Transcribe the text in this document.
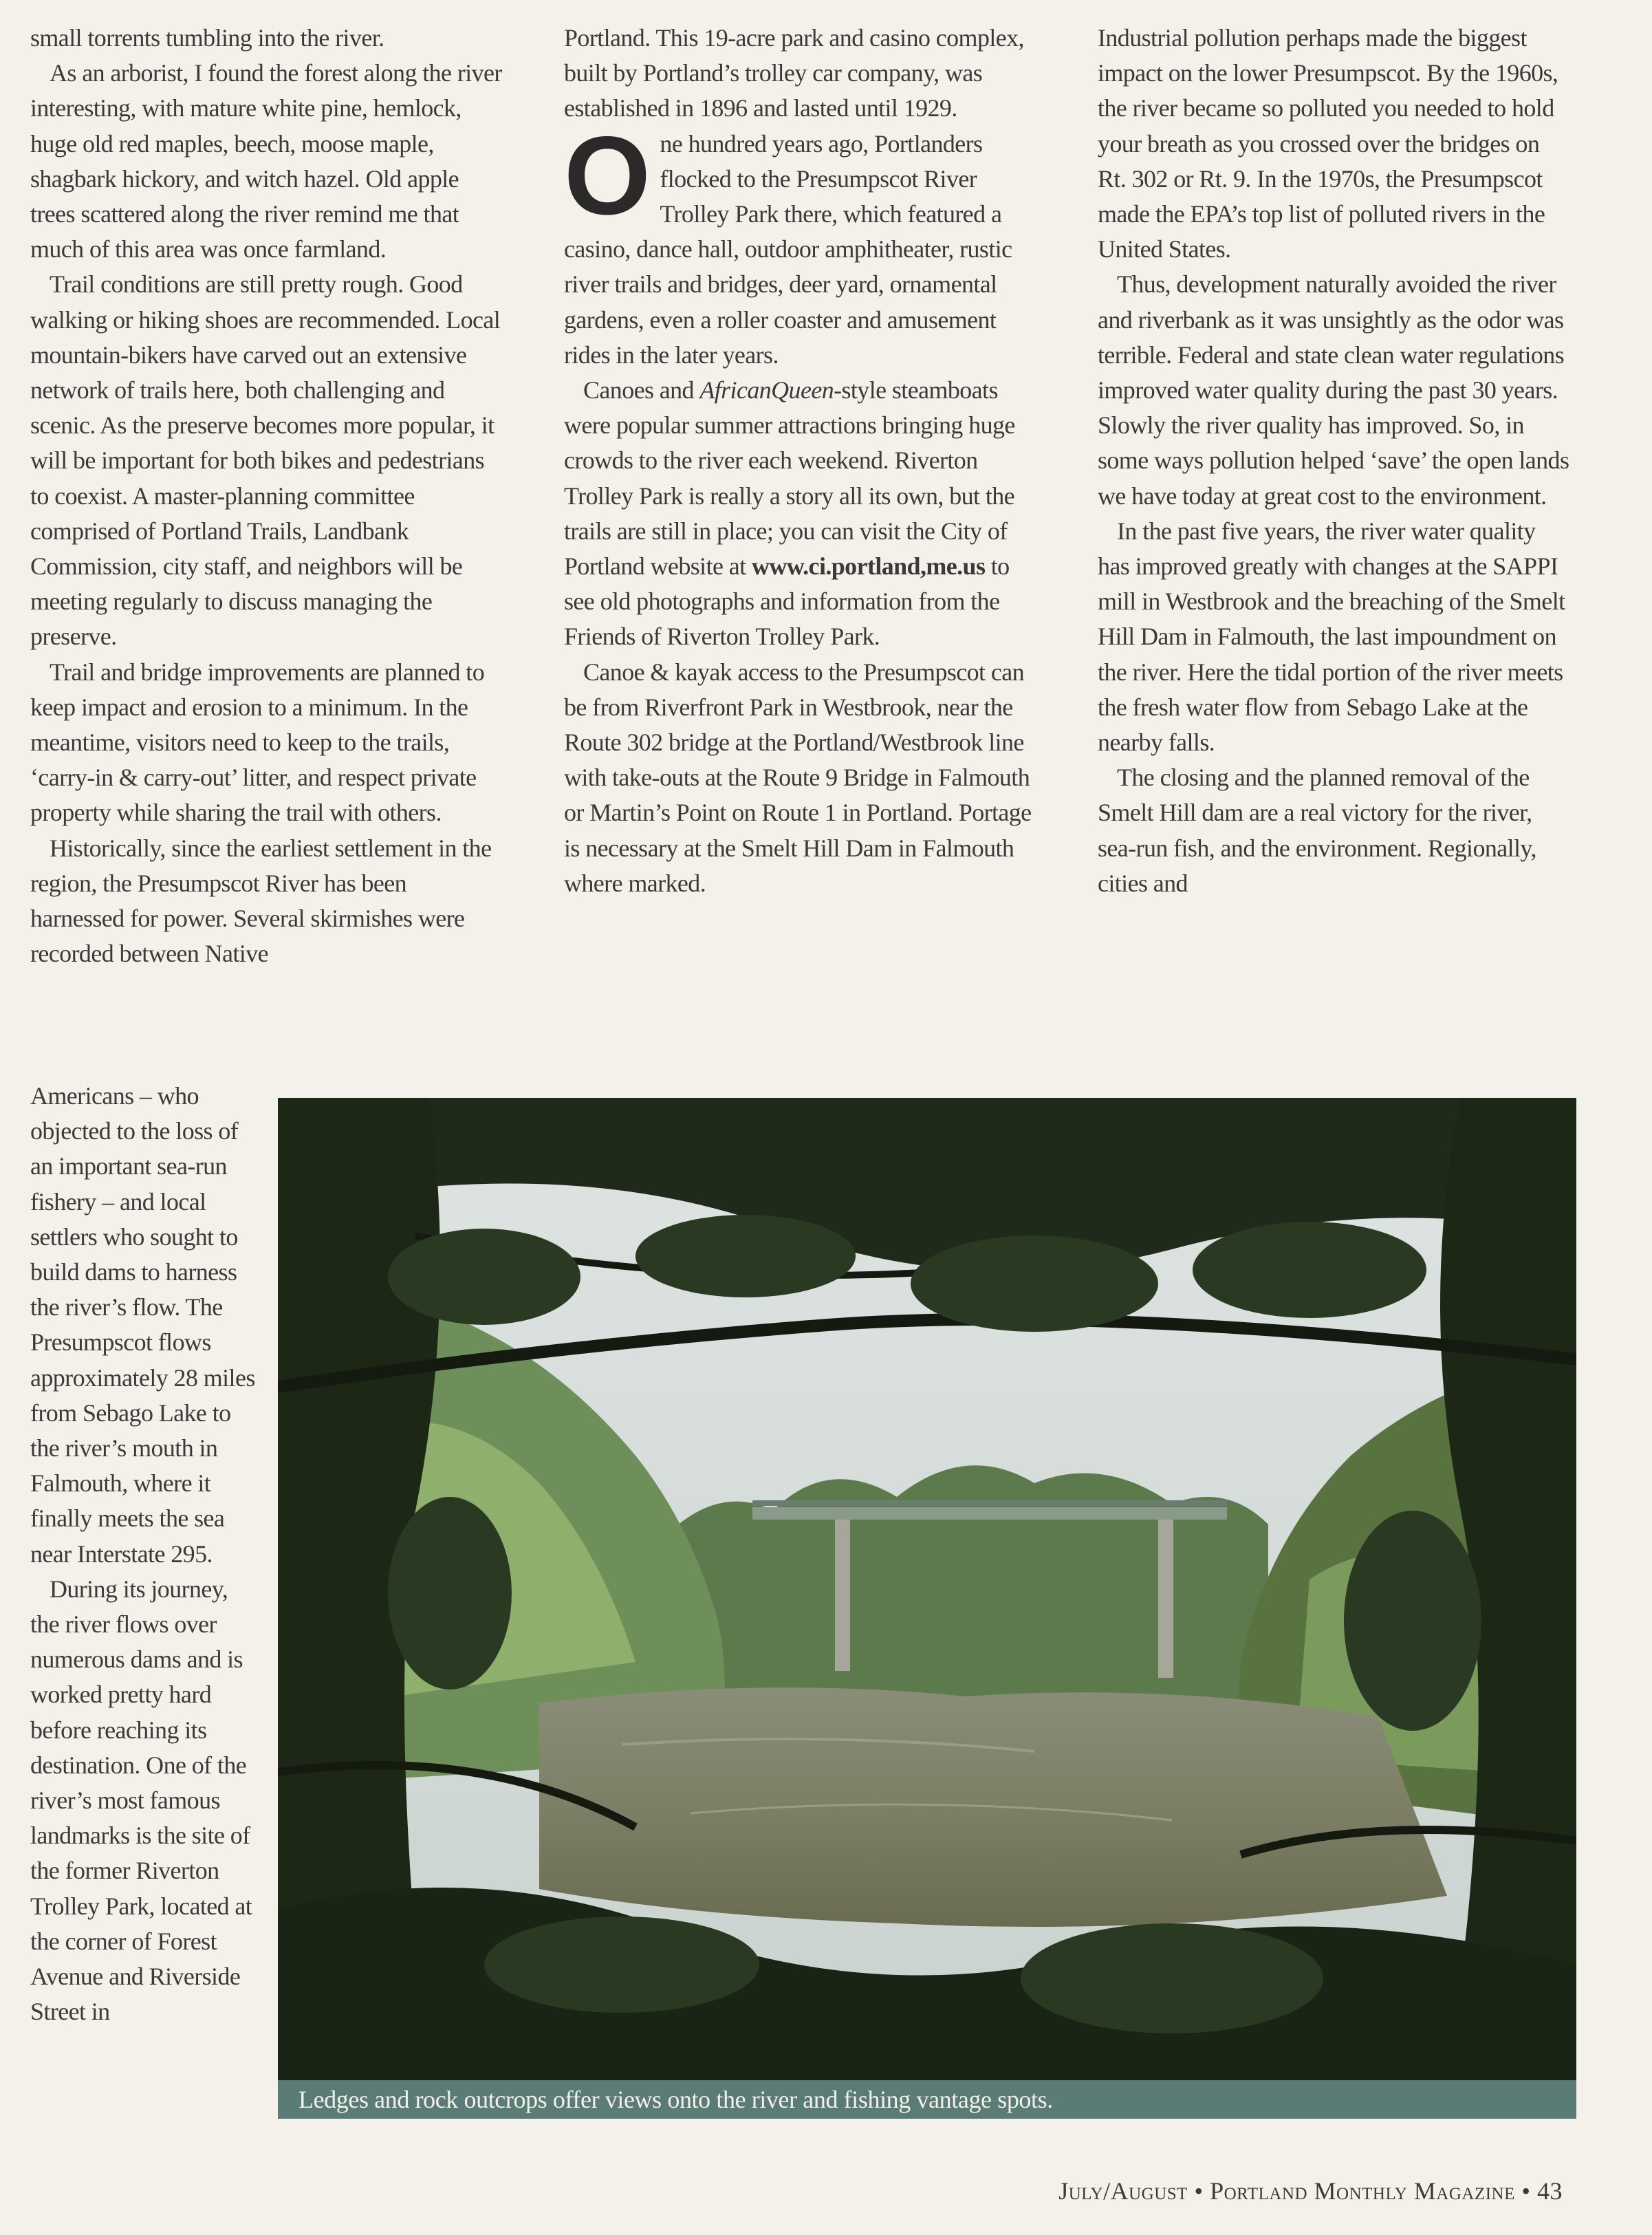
small torrents tumbling into the river.

As an arborist, I found the forest along the river interesting, with mature white pine, hemlock, huge old red maples, beech, moose maple, shagbark hickory, and witch hazel. Old apple trees scattered along the river remind me that much of this area was once farmland.

Trail conditions are still pretty rough. Good walking or hiking shoes are recommended. Local mountain-bikers have carved out an extensive network of trails here, both challenging and scenic. As the preserve becomes more popular, it will be important for both bikes and pedestrians to coexist. A master-planning committee comprised of Portland Trails, Landbank Commission, city staff, and neighbors will be meeting regularly to discuss managing the preserve.

Trail and bridge improvements are planned to keep impact and erosion to a minimum. In the meantime, visitors need to keep to the trails, ‘carry-in & carry-out’ litter, and respect private property while sharing the trail with others.

Historically, since the earliest settlement in the region, the Presumpscot River has been harnessed for power. Several skirmishes were recorded between Native

Americans – who objected to the loss of an important sea-run fishery – and local settlers who sought to build dams to harness the river’s flow. The Presumpscot flows approximately 28 miles from Sebago Lake to the river’s mouth in Falmouth, where it finally meets the sea near Interstate 295.

During its journey, the river flows over numerous dams and is worked pretty hard before reaching its destination. One of the river’s most famous landmarks is the site of the former Riverton Trolley Park, located at the corner of Forest Avenue and Riverside Street in

Portland. This 19-acre park and casino complex, built by Portland’s trolley car company, was established in 1896 and lasted until 1929.

One hundred years ago, Portlanders flocked to the Presumpscot River Trolley Park there, which featured a casino, dance hall, outdoor amphitheater, rustic river trails and bridges, deer yard, ornamental gardens, even a roller coaster and amusement rides in the later years.

Canoes and AfricanQueen-style steamboats were popular summer attractions bringing huge crowds to the river each weekend. Riverton Trolley Park is really a story all its own, but the trails are still in place; you can visit the City of Portland website at www.ci.portland,me.us to see old photographs and information from the Friends of Riverton Trolley Park.

Canoe & kayak access to the Presumpscot can be from Riverfront Park in Westbrook, near the Route 302 bridge at the Portland/Westbrook line with take-outs at the Route 9 Bridge in Falmouth or Martin’s Point on Route 1 in Portland. Portage is necessary at the Smelt Hill Dam in Falmouth where marked.

Industrial pollution perhaps made the biggest impact on the lower Presumpscot. By the 1960s, the river became so polluted you needed to hold your breath as you crossed over the bridges on Rt. 302 or Rt. 9. In the 1970s, the Presumpscot made the EPA’s top list of polluted rivers in the United States.

Thus, development naturally avoided the river and riverbank as it was unsightly as the odor was terrible. Federal and state clean water regulations improved water quality during the past 30 years. Slowly the river quality has improved. So, in some ways pollution helped ‘save’ the open lands we have today at great cost to the environment.

In the past five years, the river water quality has improved greatly with changes at the SAPPI mill in Westbrook and the breaching of the Smelt Hill Dam in Falmouth, the last impoundment on the river. Here the tidal portion of the river meets the fresh water flow from Sebago Lake at the nearby falls.

The closing and the planned removal of the Smelt Hill dam are a real victory for the river, sea-run fish, and the environment. Regionally, cities and

Ledges and rock outcrops offer views onto the river and fishing vantage spots.
July/August • Portland Monthly Magazine • 43
